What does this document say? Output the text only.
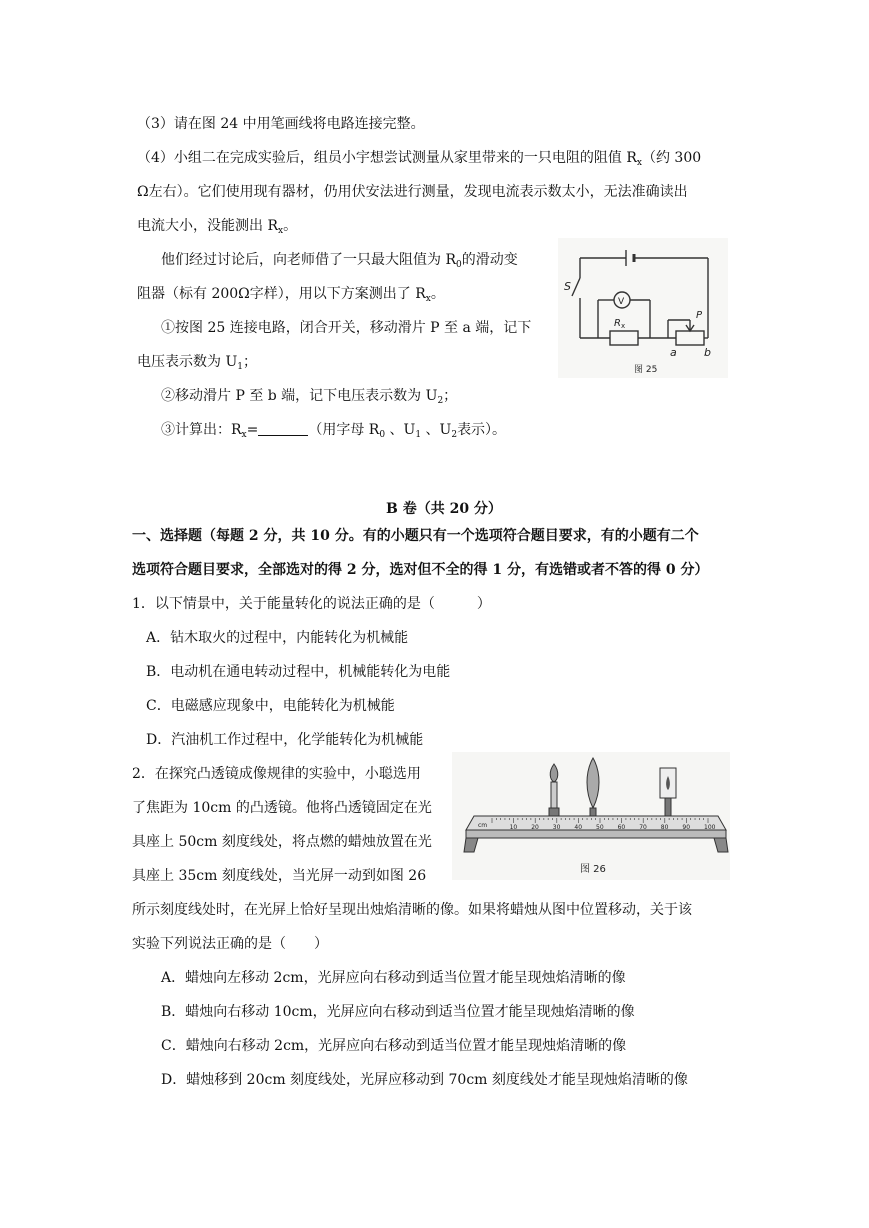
（3）请在图 24 中用笔画线将电路连接完整。
（4）小组二在完成实验后，组员小宇想尝试测量从家里带来的一只电阻的阻值 $R_x$（约 300
Ω左右）。它们使用现有器材，仍用伏安法进行测量，发现电流表示数太小，无法准确读出
电流大小，没能测出 $R_x$。
他们经过讨论后，向老师借了一只最大阻值为 $R_0$的滑动变
阻器（标有 200Ω字样），用以下方案测出了 $R_x$。
①按图 25 连接电路，闭合开关，移动滑片 P 至 a 端，记下
电压表示数为 $U_1$；
②移动滑片 P 至 b 端，记下电压表示数为 $U_2$；
③计算出：$R_x=$	（用字母 $R_0$ 、$U_1$ 、$U_2$表示）。
S
V
R x
P
a b
图 25
B 卷（共 20 分）
一、选择题（每题 2 分，共 10 分。有的小题只有一个选项符合题目要求，有的小题有二个
选项符合题目要求，全部选对的得 2 分，选对但不全的得 1 分，有选错或者不答的得 0 分）
1．以下情景中，关于能量转化的说法正确的是（　　　）
A．钻木取火的过程中，内能转化为机械能
B．电动机在通电转动过程中，机械能转化为电能
C．电磁感应现象中，电能转化为机械能
D．汽油机工作过程中，化学能转化为机械能
2．在探究凸透镜成像规律的实验中，小聪选用
了焦距为 10cm 的凸透镜。他将凸透镜固定在光
具座上 50cm 刻度线处，将点燃的蜡烛放置在光
具座上 35cm 刻度线处，当光屏一动到如图 26
所示刻度线处时，在光屏上恰好呈现出烛焰清晰的像。如果将蜡烛从图中位置移动，关于该
实验下列说法正确的是（　　）
A．蜡烛向左移动 2cm，光屏应向右移动到适当位置才能呈现烛焰清晰的像
B．蜡烛向右移动 10cm，光屏应向右移动到适当位置才能呈现烛焰清晰的像
C．蜡烛向右移动 2cm，光屏应向右移动到适当位置才能呈现烛焰清晰的像
D．蜡烛移到 20cm 刻度线处，光屏应移动到 70cm 刻度线处才能呈现烛焰清晰的像
10 20 30 40 50 60 70 80 90 100
cm
图 26
